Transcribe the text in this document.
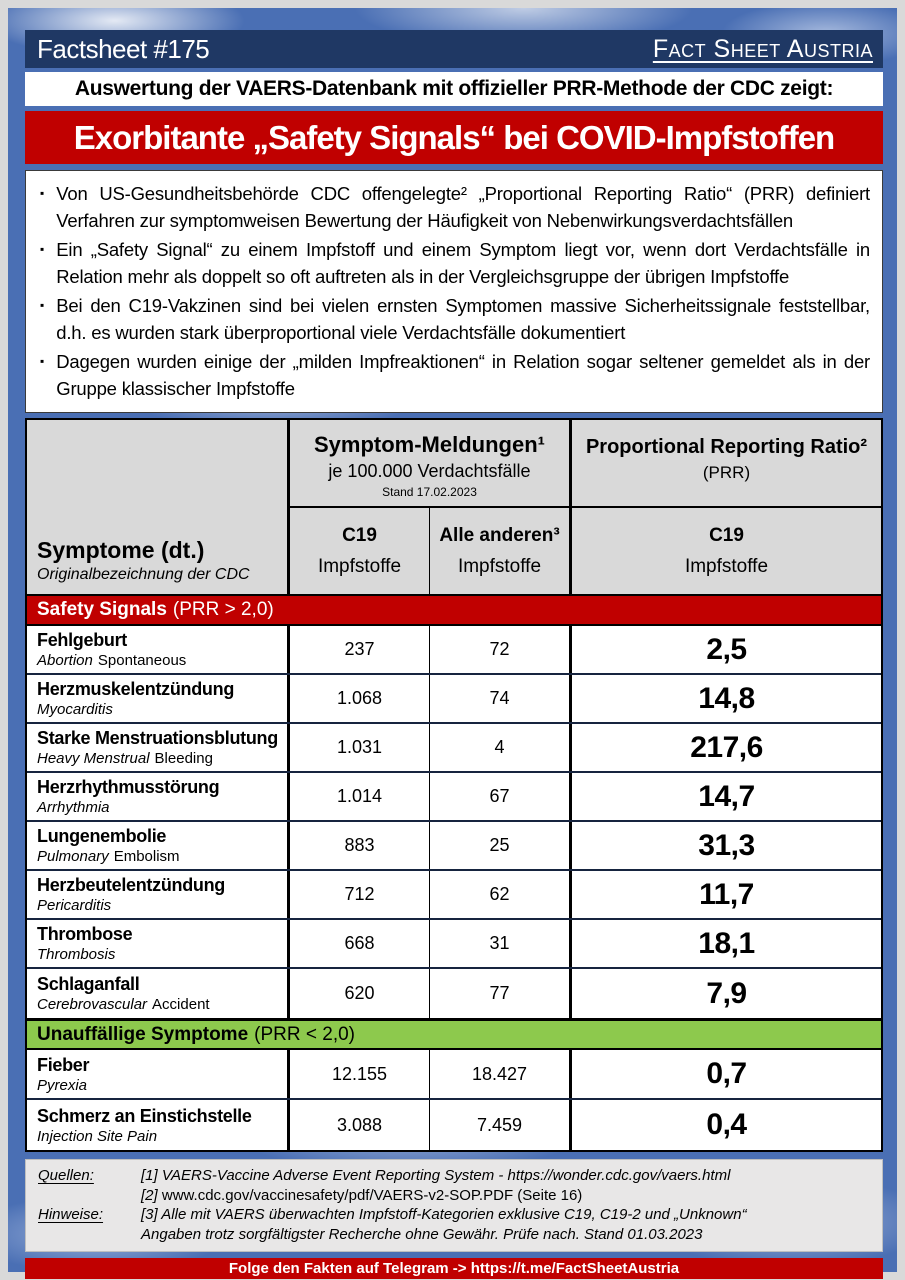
Factsheet #175	Fact Sheet Austria
Auswertung der VAERS-Datenbank mit offizieller PRR-Methode der CDC zeigt:
Exorbitante „Safety Signals“ bei COVID-Impfstoffen
▪ Von US-Gesundheitsbehörde CDC offengelegte² „Proportional Reporting Ratio“ (PRR) definiert Verfahren zur symptomweisen Bewertung der Häufigkeit von Nebenwirkungsverdachtsfällen
▪ Ein „Safety Signal“ zu einem Impfstoff und einem Symptom liegt vor, wenn dort Verdachtsfälle in Relation mehr als doppelt so oft auftreten als in der Vergleichsgruppe der übrigen Impfstoffe
▪ Bei den C19-Vakzinen sind bei vielen ernsten Symptomen massive Sicherheitssignale feststellbar, d.h. es wurden stark überproportional viele Verdachtsfälle dokumentiert
▪ Dagegen wurden einige der „milden Impfreaktionen“ in Relation sogar seltener gemeldet als in der Gruppe klassischer Impfstoffe
Symptome (dt.)
Originalbezeichnung der CDC
Symptom-Meldungen¹
je 100.000 Verdachtsfälle
Stand 17.02.2023
Proportional Reporting Ratio²
(PRR)
C19
Impfstoffe
Alle anderen³
Impfstoffe
C19
Impfstoffe
Safety Signals (PRR > 2,0)
Fehlgeburt
Abortion Spontaneous
237	72	2,5
Herzmuskelentzündung
Myocarditis
1.068	74	14,8
Starke Menstruationsblutung
Heavy Menstrual Bleeding
1.031	4	217,6
Herzrhythmusstörung
Arrhythmia
1.014	67	14,7
Lungenembolie
Pulmonary Embolism
883	25	31,3
Herzbeutelentzündung
Pericarditis
712	62	11,7
Thrombose
Thrombosis
668	31	18,1
Schlaganfall
Cerebrovascular Accident
620	77	7,9
Unauffällige Symptome (PRR < 2,0)
Fieber
Pyrexia
12.155	18.427	0,7
Schmerz an Einstichstelle
Injection Site Pain
3.088	7.459	0,4
Quellen:	[1] VAERS-Vaccine Adverse Event Reporting System - https://wonder.cdc.gov/vaers.html
[2] www.cdc.gov/vaccinesafety/pdf/VAERS-v2-SOP.PDF (Seite 16)
Hinweise:	[3] Alle mit VAERS überwachten Impfstoff-Kategorien exklusive C19, C19-2 und „Unknown“
Angaben trotz sorgfältigster Recherche ohne Gewähr. Prüfe nach. Stand 01.03.2023
Folge den Fakten auf Telegram -> https://t.me/FactSheetAustria
